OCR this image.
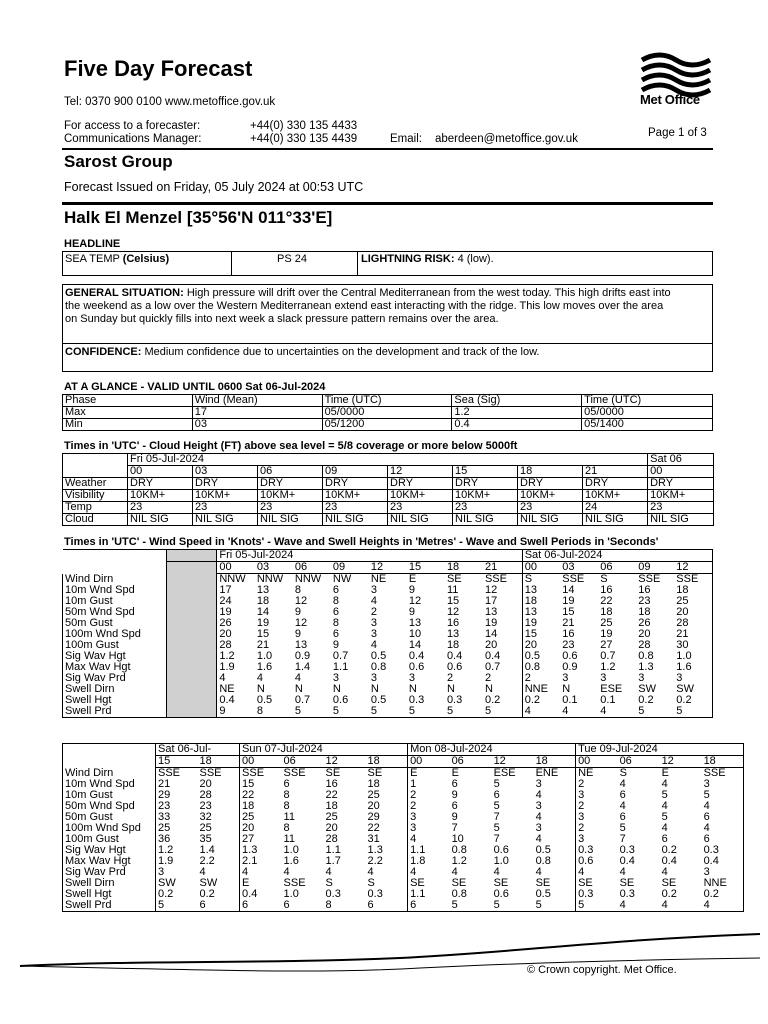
Five Day Forecast
Tel: 0370 900 0100 www.metoffice.gov.uk
For access to a forecaster:	+44(0) 330 135 4433
Communications Manager:	+44(0) 330 135 4439	Email: aberdeen@metoffice.gov.uk	Page 1 of 3
Met Office
Sarost Group
Forecast Issued on Friday, 05 July 2024 at 00:53 UTC
Halk El Menzel [35°56'N 011°33'E]
HEADLINE
SEA TEMP (Celsius)	PS 24	LIGHTNING RISK: 4 (low).
GENERAL SITUATION: High pressure will drift over the Central Mediterranean from the west today. This high drifts east into
the weekend as a low over the Western Mediterranean extend east interacting with the ridge. This low moves over the area
on Sunday but quickly fills into next week a slack pressure pattern remains over the area.
CONFIDENCE: Medium confidence due to uncertainties on the development and track of the low.
AT A GLANCE - VALID UNTIL 0600 Sat 06-Jul-2024
Phase	Wind (Mean)	Time (UTC)	Sea (Sig)	Time (UTC)
Max	17	05/0000	1.2	05/0000
Min	03	05/1200	0.4	05/1400
Times in 'UTC' - Cloud Height (FT) above sea level = 5/8 coverage or more below 5000ft
	Fri 05-Jul-2024								Sat 06
	00	03	06	09	12	15	18	21	00
Weather	DRY	DRY	DRY	DRY	DRY	DRY	DRY	DRY	DRY
Visibility	10KM+	10KM+	10KM+	10KM+	10KM+	10KM+	10KM+	10KM+	10KM+
Temp	23	23	23	23	23	23	23	24	23
Cloud	NIL SIG	NIL SIG	NIL SIG	NIL SIG	NIL SIG	NIL SIG	NIL SIG	NIL SIG	NIL SIG
Times in 'UTC' - Wind Speed in 'Knots' - Wave and Swell Heights in 'Metres' - Wave and Swell Periods in 'Seconds'
		Fri 05-Jul-2024								Sat 06-Jul-2024				
		00	03	06	09	12	15	18	21	00	03	06	09	12
Wind Dirn		NNW	NNW	NNW	NW	NE	E	SE	SSE	S	SSE	S	SSE	SSE
10m Wnd Spd		17	13	8	6	3	9	11	12	13	14	16	16	18
10m Gust		24	18	12	8	4	12	15	17	18	19	22	23	25
50m Wnd Spd		19	14	9	6	2	9	12	13	13	15	18	18	20
50m Gust		26	19	12	8	3	13	16	19	19	21	25	26	28
100m Wnd Spd		20	15	9	6	3	10	13	14	15	16	19	20	21
100m Gust		28	21	13	9	4	14	18	20	20	23	27	28	30
Sig Wav Hgt		1.2	1.0	0.9	0.7	0.5	0.4	0.4	0.4	0.5	0.6	0.7	0.8	1.0
Max Wav Hgt		1.9	1.6	1.4	1.1	0.8	0.6	0.6	0.7	0.8	0.9	1.2	1.3	1.6
Sig Wav Prd		4	4	4	3	3	3	2	2	2	3	3	3	3
Swell Dirn		NE	N	N	N	N	N	N	N	NNE	N	ESE	SW	SW
Swell Hgt		0.4	0.5	0.7	0.6	0.5	0.3	0.3	0.2	0.2	0.1	0.1	0.2	0.2
Swell Prd		9	8	5	5	5	5	5	5	4	4	4	5	5
	Sat 06-Jul-		Sun 07-Jul-2024				Mon 08-Jul-2024				Tue 09-Jul-2024			
	15	18	00	06	12	18	00	06	12	18	00	06	12	18
Wind Dirn	SSE	SSE	SSE	SSE	SE	SE	E	E	ESE	ENE	NE	S	E	SSE
10m Wnd Spd	21	20	15	6	16	18	1	6	5	3	2	4	4	3
10m Gust	29	28	22	8	22	25	2	9	6	4	3	6	5	5
50m Wnd Spd	23	23	18	8	18	20	2	6	5	3	2	4	4	4
50m Gust	33	32	25	11	25	29	3	9	7	4	3	6	5	6
100m Wnd Spd	25	25	20	8	20	22	3	7	5	3	2	5	4	4
100m Gust	36	35	27	11	28	31	4	10	7	4	3	7	6	6
Sig Wav Hgt	1.2	1.4	1.3	1.0	1.1	1.3	1.1	0.8	0.6	0.5	0.3	0.3	0.2	0.3
Max Wav Hgt	1.9	2.2	2.1	1.6	1.7	2.2	1.8	1.2	1.0	0.8	0.6	0.4	0.4	0.4
Sig Wav Prd	3	4	4	4	4	4	4	4	4	4	4	4	4	3
Swell Dirn	SW	SW	E	SSE	S	S	SE	SE	SE	SE	SE	SE	SE	NNE
Swell Hgt	0.2	0.2	0.4	1.0	0.3	0.3	1.1	0.8	0.6	0.5	0.3	0.3	0.2	0.2
Swell Prd	5	6	6	6	8	6	6	5	5	5	5	4	4	4
© Crown copyright. Met Office.
